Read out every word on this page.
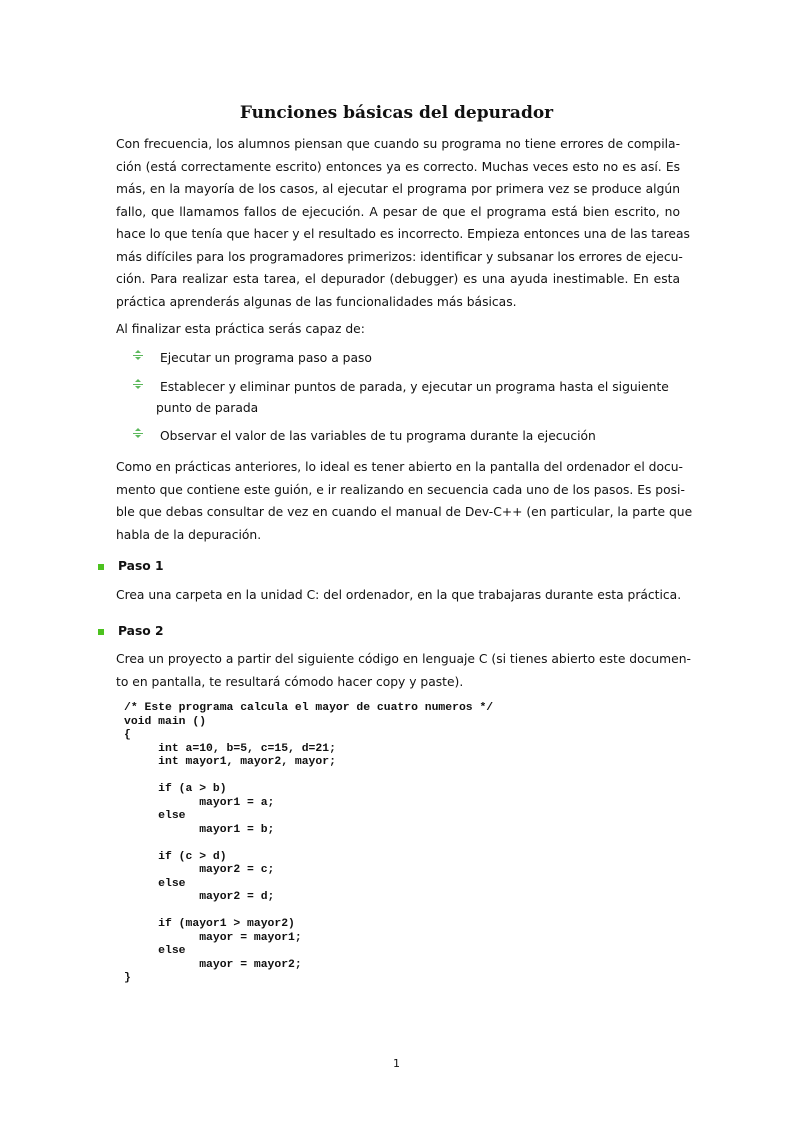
Funciones básicas del depurador
Con frecuencia, los alumnos piensan que cuando su programa no tiene errores de compila-
ción (está correctamente escrito) entonces ya es correcto. Muchas veces esto no es así. Es
más, en la mayoría de los casos, al ejecutar el programa por primera vez se produce algún
fallo, que llamamos fallos de ejecución. A pesar de que el programa está bien escrito, no
hace lo que tenía que hacer y el resultado es incorrecto. Empieza entonces una de las tareas
más difíciles para los programadores primerizos: identificar y subsanar los errores de ejecu-
ción. Para realizar esta tarea, el depurador (debugger) es una ayuda inestimable. En esta
práctica aprenderás algunas de las funcionalidades más básicas.
Al finalizar esta práctica serás capaz de:
Ejecutar un programa paso a paso
Establecer y eliminar puntos de parada, y ejecutar un programa hasta el siguiente
punto de parada
Observar el valor de las variables de tu programa durante la ejecución
Como en prácticas anteriores, lo ideal es tener abierto en la pantalla del ordenador el docu-
mento que contiene este guión, e ir realizando en secuencia cada uno de los pasos. Es posi-
ble que debas consultar de vez en cuando el manual de Dev-C++ (en particular, la parte que
habla de la depuración.
Paso 1
Crea una carpeta en la unidad C: del ordenador, en la que trabajaras durante esta práctica.
Paso 2
Crea un proyecto a partir del siguiente código en lenguaje C (si tienes abierto este documen-
to en pantalla, te resultará cómodo hacer copy y paste).
/* Este programa calcula el mayor de cuatro numeros */
void main ()
{
int a=10, b=5, c=15, d=21;
int mayor1, mayor2, mayor;

if (a > b)
mayor1 = a;
else
mayor1 = b;

if (c > d)
mayor2 = c;
else
mayor2 = d;

if (mayor1 > mayor2)
mayor = mayor1;
else
mayor = mayor2;
}
1
